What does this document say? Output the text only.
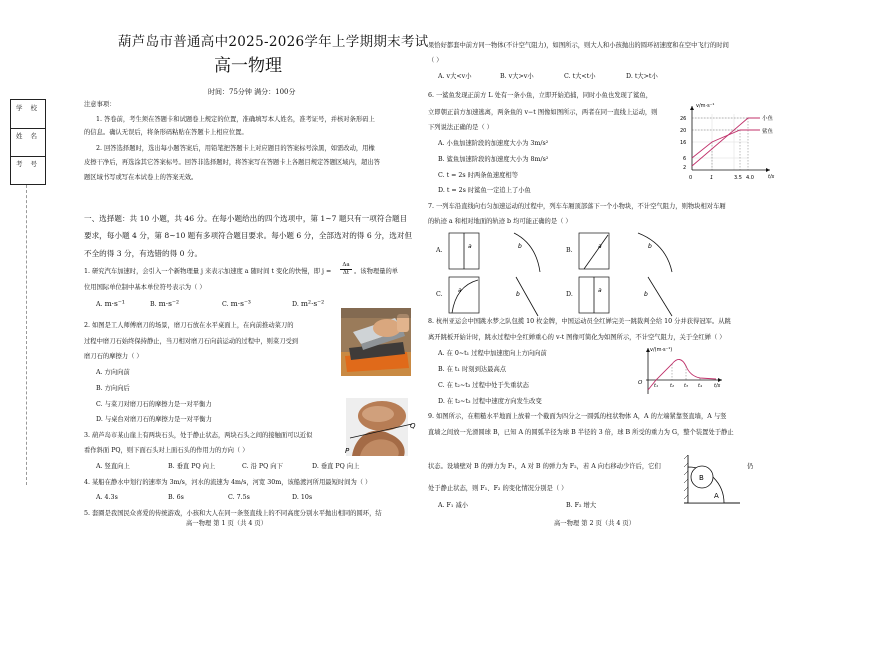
葫芦岛市普通高中2025-2026学年上学期期末考试
高一物理
时间：75分钟 满分：100分
学 校
姓 名
考 号
注意事项：
1. 答卷前，考生须在答题卡和试题卷上规定的位置，准确填写本人姓名，准考证号，并核对条形码上
的信息。确认无误后，将条形码粘贴在答题卡上相应位置。
2. 回答选择题时，选出每小题答案后，用铅笔把答题卡上对应题目的答案标号涂黑，如需改动，用橡
皮擦干净后，再选涂其它答案标号。回答非选择题时，将答案写在答题卡上各题目规定答题区域内，超出答
题区域书写或写在本试卷上的答案无效。
一、选择题：共 10 小题，共 46 分。在每小题给出的四个选项中，第 1~7 题只有一项符合题目
要求，每小题 4 分，第 8~10 题有多项符合题目要求。每小题 6 分，全部选对的得 6 分，选对但
不全的得 3 分，有选错的得 0 分。
1. 研究汽车加速时，会引入一个新物理量 j 来表示加速度 a 随时间 t 变化的快慢，即 j =
Δa
Δt 。该物理量的单
位用国际单位制中基本单位符号表示为（ ）
A. m·s⁻¹	B. m·s⁻²	C. m·s⁻³	D. m²·s⁻²
2. 如图是工人师傅磨刀的场景，磨刀石放在水平桌面上，在向前推动菜刀的
过程中磨刀石始终保持静止，当刀相对磨刀石向前运动的过程中，则菜刀受到
磨刀石的摩擦力（ ）
A. 方向向前
B. 方向向后
C. 与菜刀对磨刀石的摩擦力是一对平衡力
D. 与桌台对磨刀石的摩擦力是一对平衡力
3. 葫芦岛市某山崖上有两块石头，处于静止状态，两块石头之间的接触面可以近似
看作斜面 PQ，则下面石头对上面石头的作用力的方向（ ）
A. 竖直向上	B. 垂直 PQ 向上	C. 沿 PQ 向下	D. 垂直 PQ 向上
P
Q
4. 某船在静水中划行的速率为 3m/s，河水的流速为 4m/s，河宽 30m，该船渡河所用最短时间为（ ）
A. 4.3s	B. 6s	C. 7.5s	D. 10s
5. 套圈是我国民众喜爱的传统游戏，小孩和大人在同一条竖直线上的不同高度分别水平抛出相同的圆环，结
高一物理 第 1 页（共 4 页）
果恰好都套中前方同一物体(不计空气阻力)，如图所示，则大人和小孩抛出的圆环初速度和在空中飞行的时间
（ ）
A. v大<v小	B. v大>v小	C. t大<t小	D. t大>t小
6. 一鲨鱼发现正前方 L 处有一条小鱼，立即开始追捕，同时小鱼也发现了鲨鱼，
立即朝正前方加速逃离，两条鱼的 v−t 图像如图所示，两者在同一直线上运动，则
下列说法正确的是（ ）
A. 小鱼加速阶段的加速度大小为 3m/s²
B. 鲨鱼加速阶段的加速度大小为 8m/s²
C. t = 2s 时两条鱼速度相等
D. t = 2s 时鲨鱼一定追上了小鱼
v/m·s⁻¹
t/s
26
20
16
6
2
0	1	3.5 4.0
小鱼
鲨鱼
7. 一列车沿直线向右匀加速运动的过程中，列车车厢顶部落下一个小物块，不计空气阻力，则物块相对车厢
的轨迹 a 和相对地面的轨迹 b 均可能正确的是（ ）
A.
a	b
B.
a	b
C.
a
b	D.
a
b
8. 杭州亚运会中国跳水梦之队包揽 10 枚金牌，中国运动员全红婵完美一跳裁判全给 10 分并获得冠军。从跳
离开跳板开始计时，跳水过程中全红婵重心的 v-t 图像可简化为如图所示，不计空气阻力，关于全红婵（ ）
A. 在 0~t₁ 过程中加速度向上方向向前
B. 在 t₁ 时刻到达最高点
C. 在 t₂~t₃ 过程中处于失重状态
D. 在 t₂~t₃ 过程中速度方向发生改变
v/(m·s⁻¹)
t/s
O t₁ t₂ t₃ t₄
9. 如图所示，在粗糙水平地面上放着一个截面为四分之一圆弧的柱状物体 A，A 的左端紧靠竖直墙，A 与竖
直墙之间放一光滑圆球 B，已知 A 的圆弧半径为球 B 半径的 3 倍，球 B 所受的重力为 G，整个装置处于静止
状态。设墙壁对 B 的弹力为 F₁，A 对 B 的弹力为 F₂，若 A 向右移动少许后，它们	仍
处于静止状态，则 F₁、F₂ 的变化情况分别是（ ）
A. F₁ 减小	B. F₂ 增大
B
A
高一物理 第 2 页（共 4 页）
